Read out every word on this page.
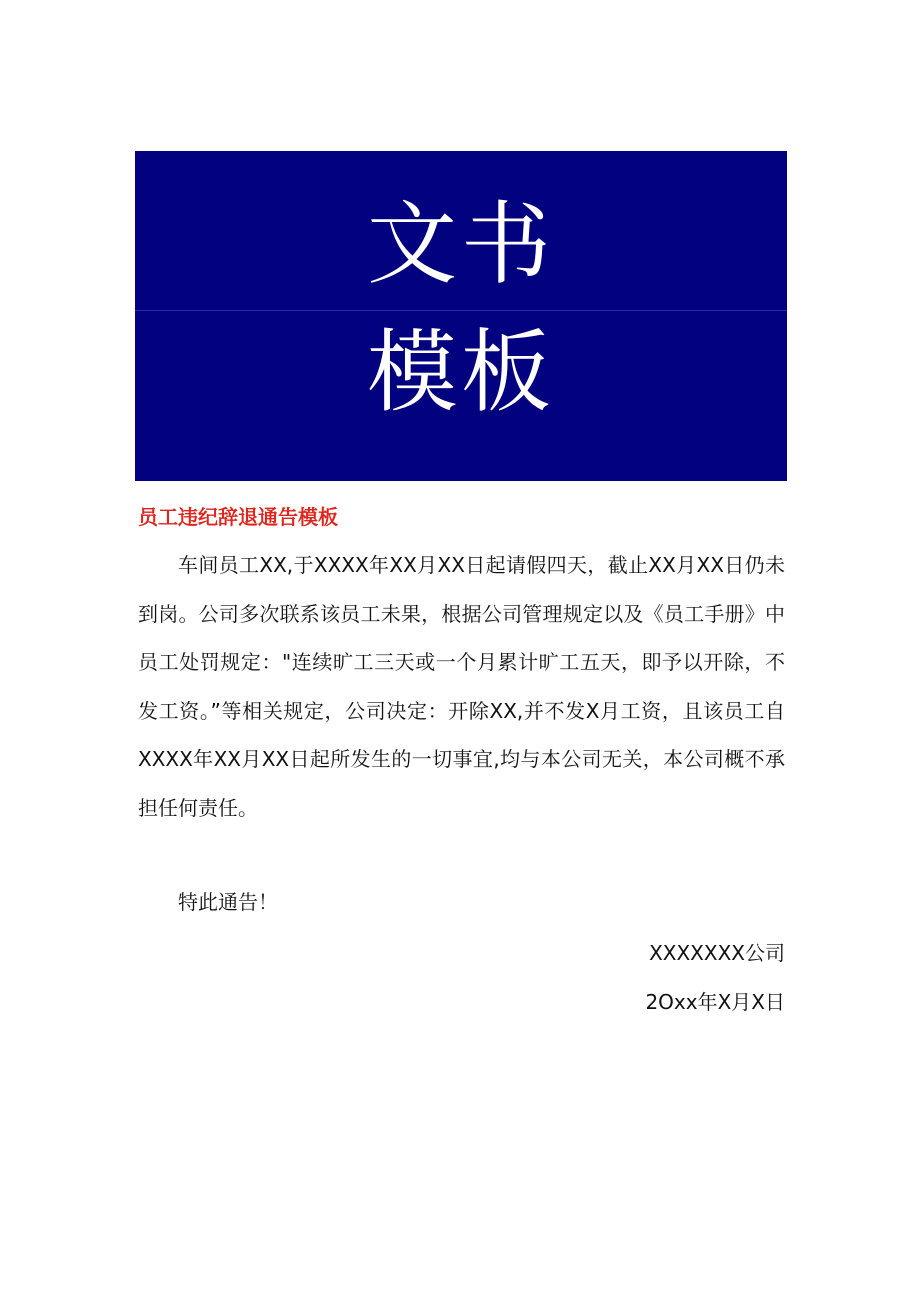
文书
模板
员工违纪辞退通告模板

车间员工XX,于XXXX年XX月XX日起请假四天，截止XX月XX日仍未到岗。公司多次联系该员工未果，根据公司管理规定以及《员工手册》中员工处罚规定："连续旷工三天或一个月累计旷工五天，即予以开除，不发工资。”等相关规定，公司决定：开除XX,并不发X月工资，且该员工自XXXX年XX月XX日起所发生的一切事宜,均与本公司无关，本公司概不承担任何责任。

特此通告！

XXXXXXX公司
2Oxx年X月X日
